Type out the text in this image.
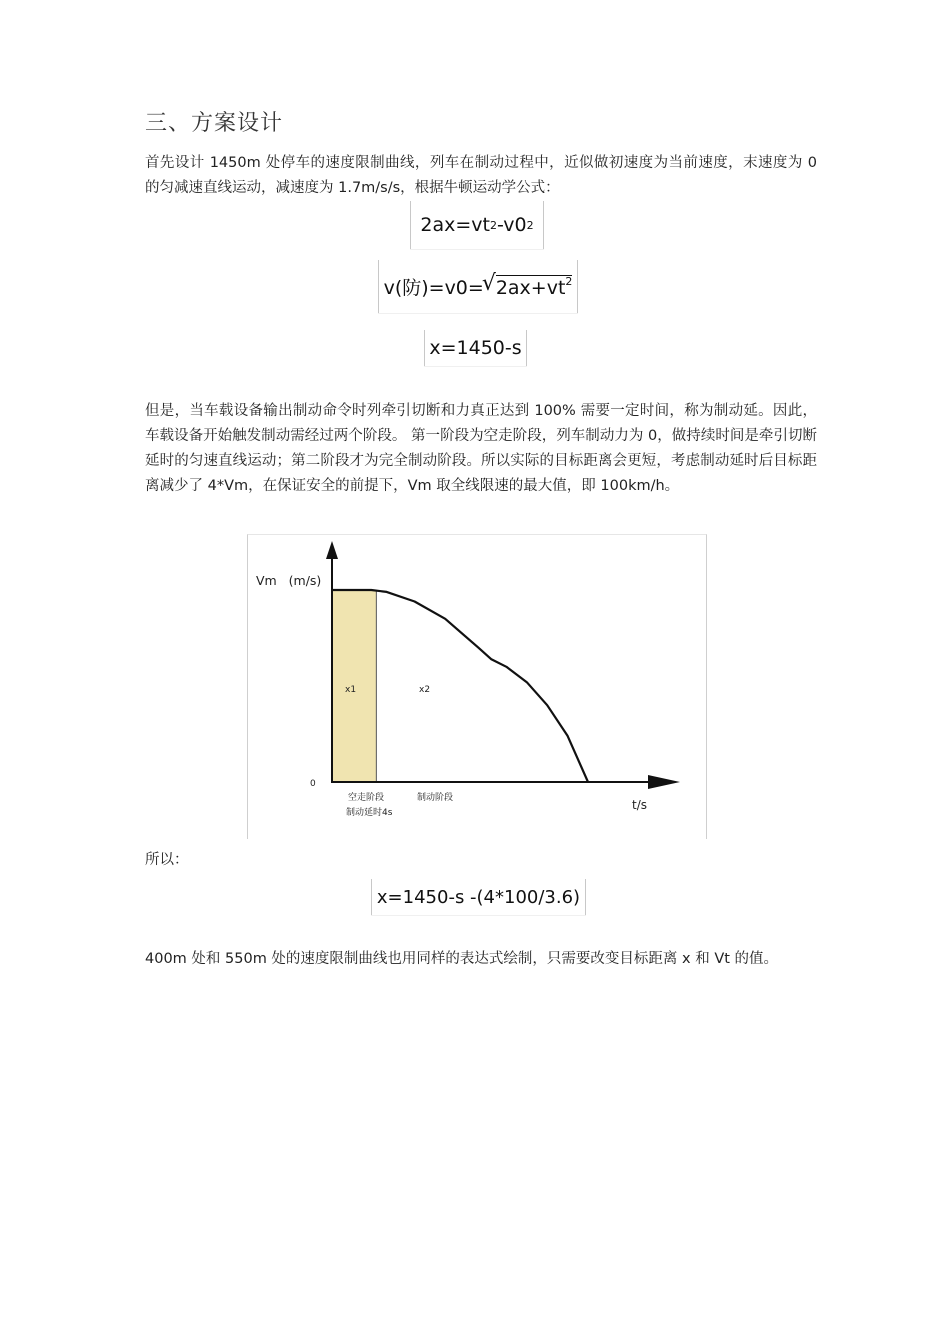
三、方案设计
首先设计 1450m 处停车的速度限制曲线，列车在制动过程中，近似做初速度为当前速度，末速度为 0 的匀减速直线运动，减速度为 1.7m/s/s，根据牛顿运动学公式：
2ax=vt 2 -v0 2
v(防)=v0=
√ $2ax+vt^2$
x=1450-s
但是，当车载设备输出制动命令时列牵引切断和力真正达到 100% 需要一定时间，称为制动延。因此，车载设备开始触发制动需经过两个阶段。 第一阶段为空走阶段，列车制动力为 0，做持续时间是牵引切断延时的匀速直线运动；第二阶段才为完全制动阶段。所以实际的目标距离会更短，考虑制动延时后目标距离减少了 4*Vm，在保证安全的前提下，Vm 取全线限速的最大值，即 100km/h。
Vm   (m/s)
0
t/s
x1	x2
空走阶段	制动阶段
制动延时4s
所以：
x=1450-s -(4*100/3.6)
400m 处和 550m 处的速度限制曲线也用同样的表达式绘制，只需要改变目标距离 x 和 Vt 的值。
